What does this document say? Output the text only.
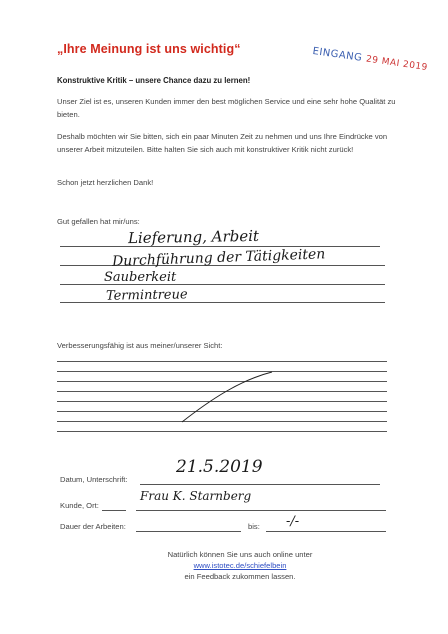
„Ihre Meinung ist uns wichtig“	EINGANG 29 MAI 2019
Konstruktive Kritik – unsere Chance dazu zu lernen!
Unser Ziel ist es, unseren Kunden immer den best möglichen Service und eine sehr hohe Qualität zu bieten.
Deshalb möchten wir Sie bitten, sich ein paar Minuten Zeit zu nehmen und uns Ihre Eindrücke von unserer Arbeit mitzuteilen. Bitte halten Sie sich auch mit konstruktiver Kritik nicht zurück!
Schon jetzt herzlichen Dank!
Gut gefallen hat mir/uns:
Lieferung, Arbeit
Durchführung der Tätigkeiten
Sauberkeit
Termintreue
Verbesserungsfähig ist aus meiner/unserer Sicht:
Datum, Unterschrift:
21.5.2019
Kunde, Ort:
Frau K. Starnberg
Dauer der Arbeiten:	bis: -/-
Natürlich können Sie uns auch online unter
www.istotec.de/schiefelbein
ein Feedback zukommen lassen.
